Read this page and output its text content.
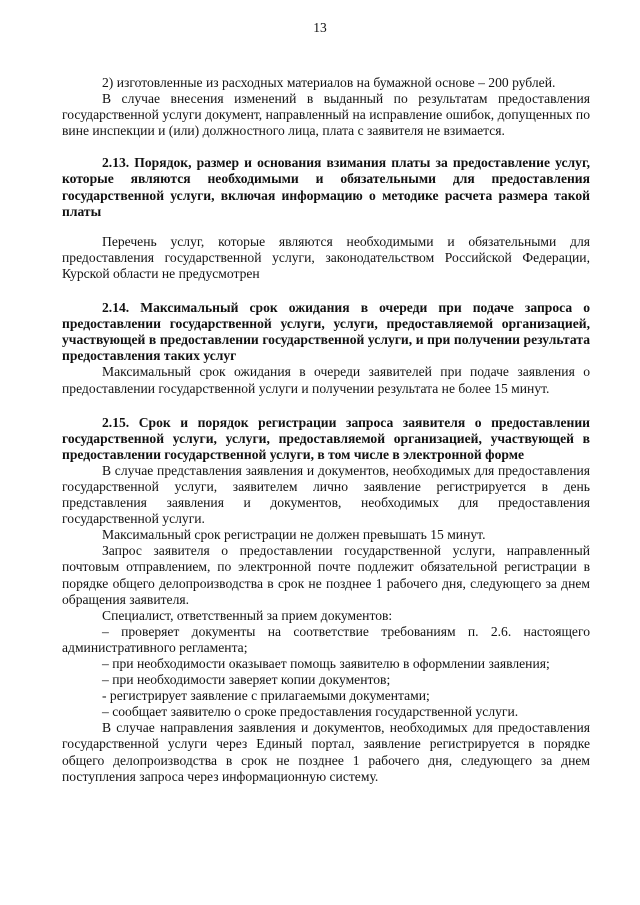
13

2) изготовленные из расходных материалов на бумажной основе – 200 рублей.

В случае внесения изменений в выданный по результатам предоставления государственной услуги документ, направленный на исправление ошибок, допущенных по вине инспекции и (или) должностного лица, плата с заявителя не взимается.

2.13. Порядок, размер и основания взимания платы за предоставление услуг, которые являются необходимыми и обязательными для предоставления государственной услуги, включая информацию о методике расчета размера такой платы

Перечень услуг, которые являются необходимыми и обязательными для предоставления государственной услуги, законодательством Российской Федерации, Курской области не предусмотрен

2.14. Максимальный срок ожидания в очереди при подаче запроса о предоставлении государственной услуги, услуги, предоставляемой организацией, участвующей в предоставлении государственной услуги, и при получении результата предоставления таких услуг

Максимальный срок ожидания в очереди заявителей при подаче заявления о предоставлении государственной услуги и получении результата не более 15 минут.

2.15. Срок и порядок регистрации запроса заявителя о предоставлении государственной услуги, услуги, предоставляемой организацией, участвующей в предоставлении государственной услуги, в том числе в электронной форме

В случае представления заявления и документов, необходимых для предоставления государственной услуги, заявителем лично заявление регистрируется в день представления заявления и документов, необходимых для предоставления государственной услуги.

Максимальный срок регистрации не должен превышать 15 минут.

Запрос заявителя о предоставлении государственной услуги, направленный почтовым отправлением, по электронной почте подлежит обязательной регистрации в порядке общего делопроизводства в срок не позднее 1 рабочего дня, следующего за днем обращения заявителя.

Специалист, ответственный за прием документов:

– проверяет документы на соответствие требованиям п. 2.6. настоящего административного регламента;

– при необходимости оказывает помощь заявителю в оформлении заявления;

– при необходимости заверяет копии документов;

- регистрирует заявление с прилагаемыми документами;

– сообщает заявителю о сроке предоставления государственной услуги.

В случае направления заявления и документов, необходимых для предоставления государственной услуги через Единый портал, заявление регистрируется в порядке общего делопроизводства в срок не позднее 1 рабочего дня, следующего за днем поступления запроса через информационную систему.
